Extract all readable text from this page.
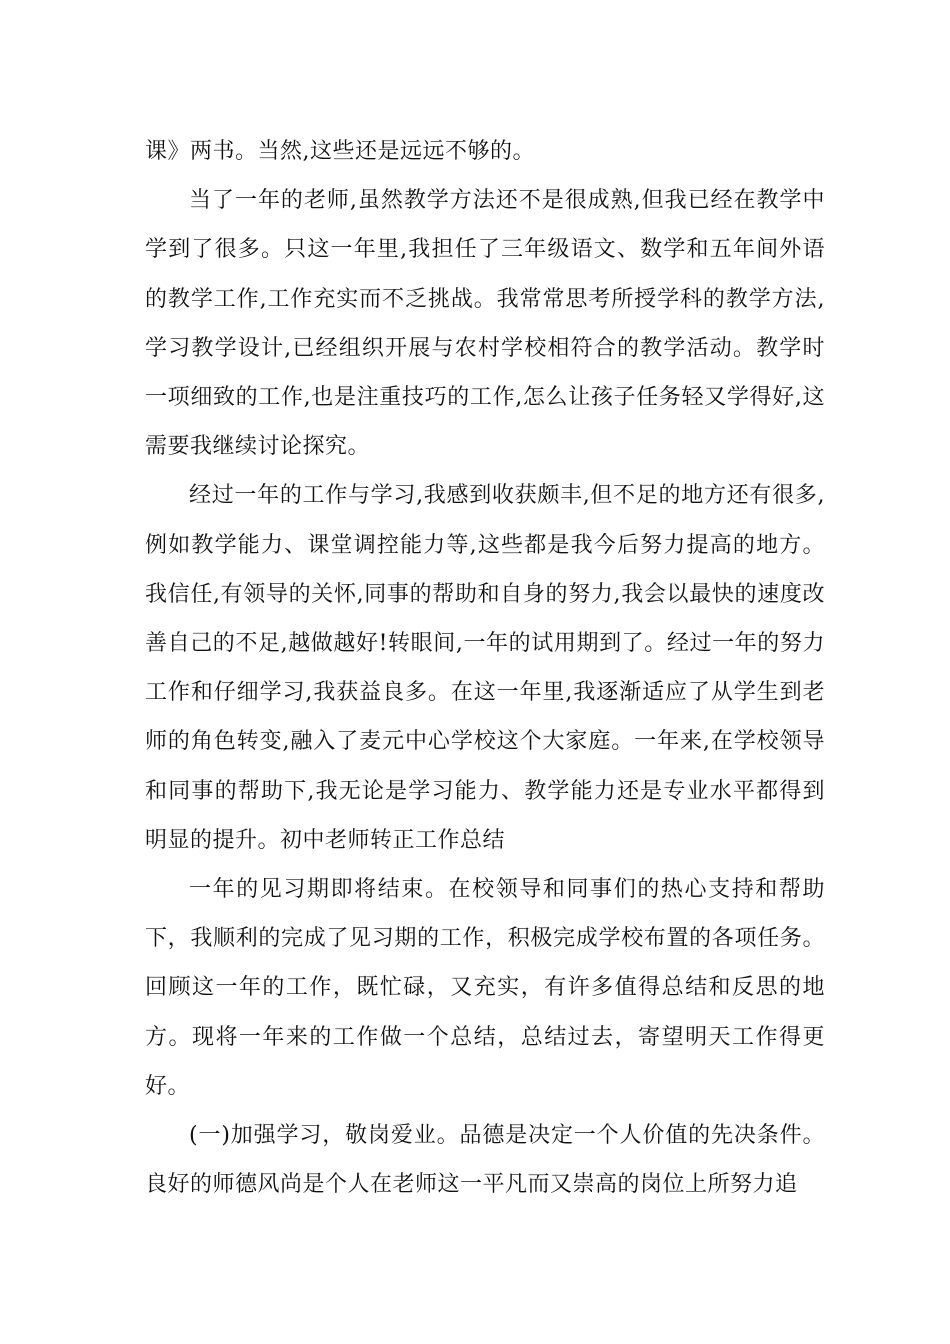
课》两书。当然,这些还是远远不够的。

当了一年的老师,虽然教学方法还不是很成熟,但我已经在教学中学到了很多。只这一年里,我担任了三年级语文、数学和五年间外语的教学工作,工作充实而不乏挑战。我常常思考所授学科的教学方法,学习教学设计,已经组织开展与农村学校相符合的教学活动。教学时一项细致的工作,也是注重技巧的工作,怎么让孩子任务轻又学得好,这需要我继续讨论探究。

经过一年的工作与学习,我感到收获颇丰,但不足的地方还有很多,例如教学能力、课堂调控能力等,这些都是我今后努力提高的地方。我信任,有领导的关怀,同事的帮助和自身的努力,我会以最快的速度改善自己的不足,越做越好!转眼间,一年的试用期到了。经过一年的努力工作和仔细学习,我获益良多。在这一年里,我逐渐适应了从学生到老师的角色转变,融入了麦元中心学校这个大家庭。一年来,在学校领导和同事的帮助下,我无论是学习能力、教学能力还是专业水平都得到明显的提升。初中老师转正工作总结

一年的见习期即将结束。在校领导和同事们的热心支持和帮助下，我顺利的完成了见习期的工作，积极完成学校布置的各项任务。回顾这一年的工作，既忙碌，又充实，有许多值得总结和反思的地方。现将一年来的工作做一个总结，总结过去，寄望明天工作得更好。

(一)加强学习，敬岗爱业。品德是决定一个人价值的先决条件。良好的师德风尚是个人在老师这一平凡而又崇高的岗位上所努力追
